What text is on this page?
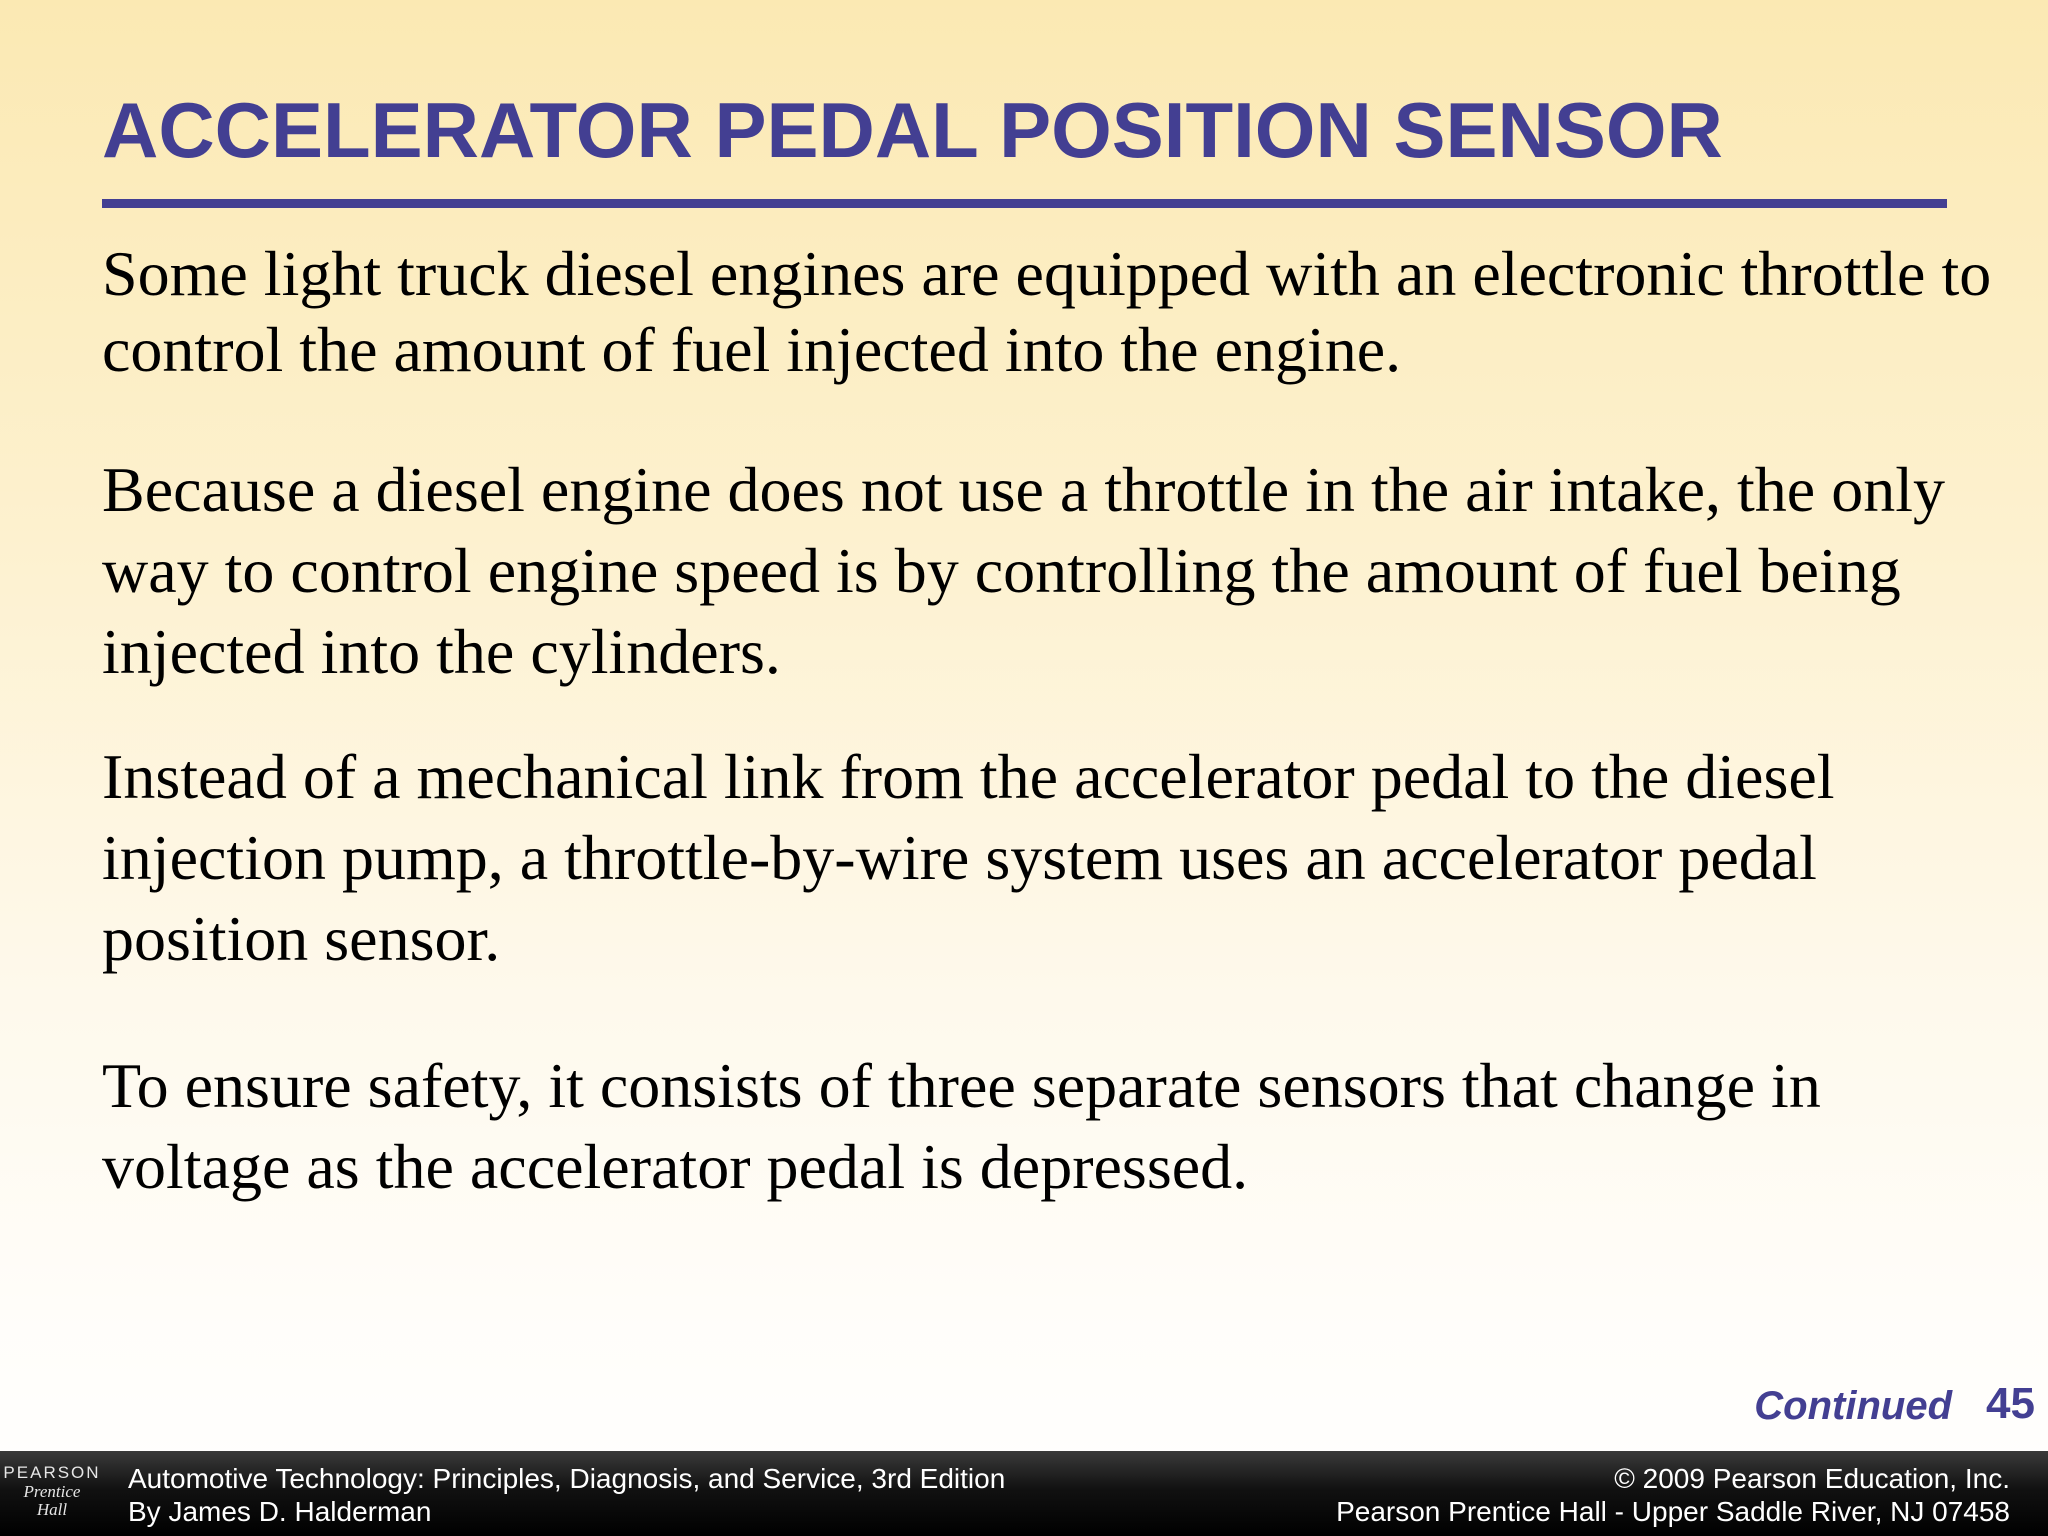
ACCELERATOR PEDAL POSITION SENSOR

Some light truck diesel engines are equipped with an electronic throttle to control the amount of fuel injected into the engine.

Because a diesel engine does not use a throttle in the air intake, the only way to control engine speed is by controlling the amount of fuel being injected into the cylinders.

Instead of a mechanical link from the accelerator pedal to the diesel injection pump, a throttle-by-wire system uses an accelerator pedal position sensor.

To ensure safety, it consists of three separate sensors that change in voltage as the accelerator pedal is depressed.

Continued 45
PEARSON
Prentice
Hall
Automotive Technology: Principles, Diagnosis, and Service, 3rd Edition
By James D. Halderman
© 2009 Pearson Education, Inc.
Pearson Prentice Hall - Upper Saddle River, NJ 07458
